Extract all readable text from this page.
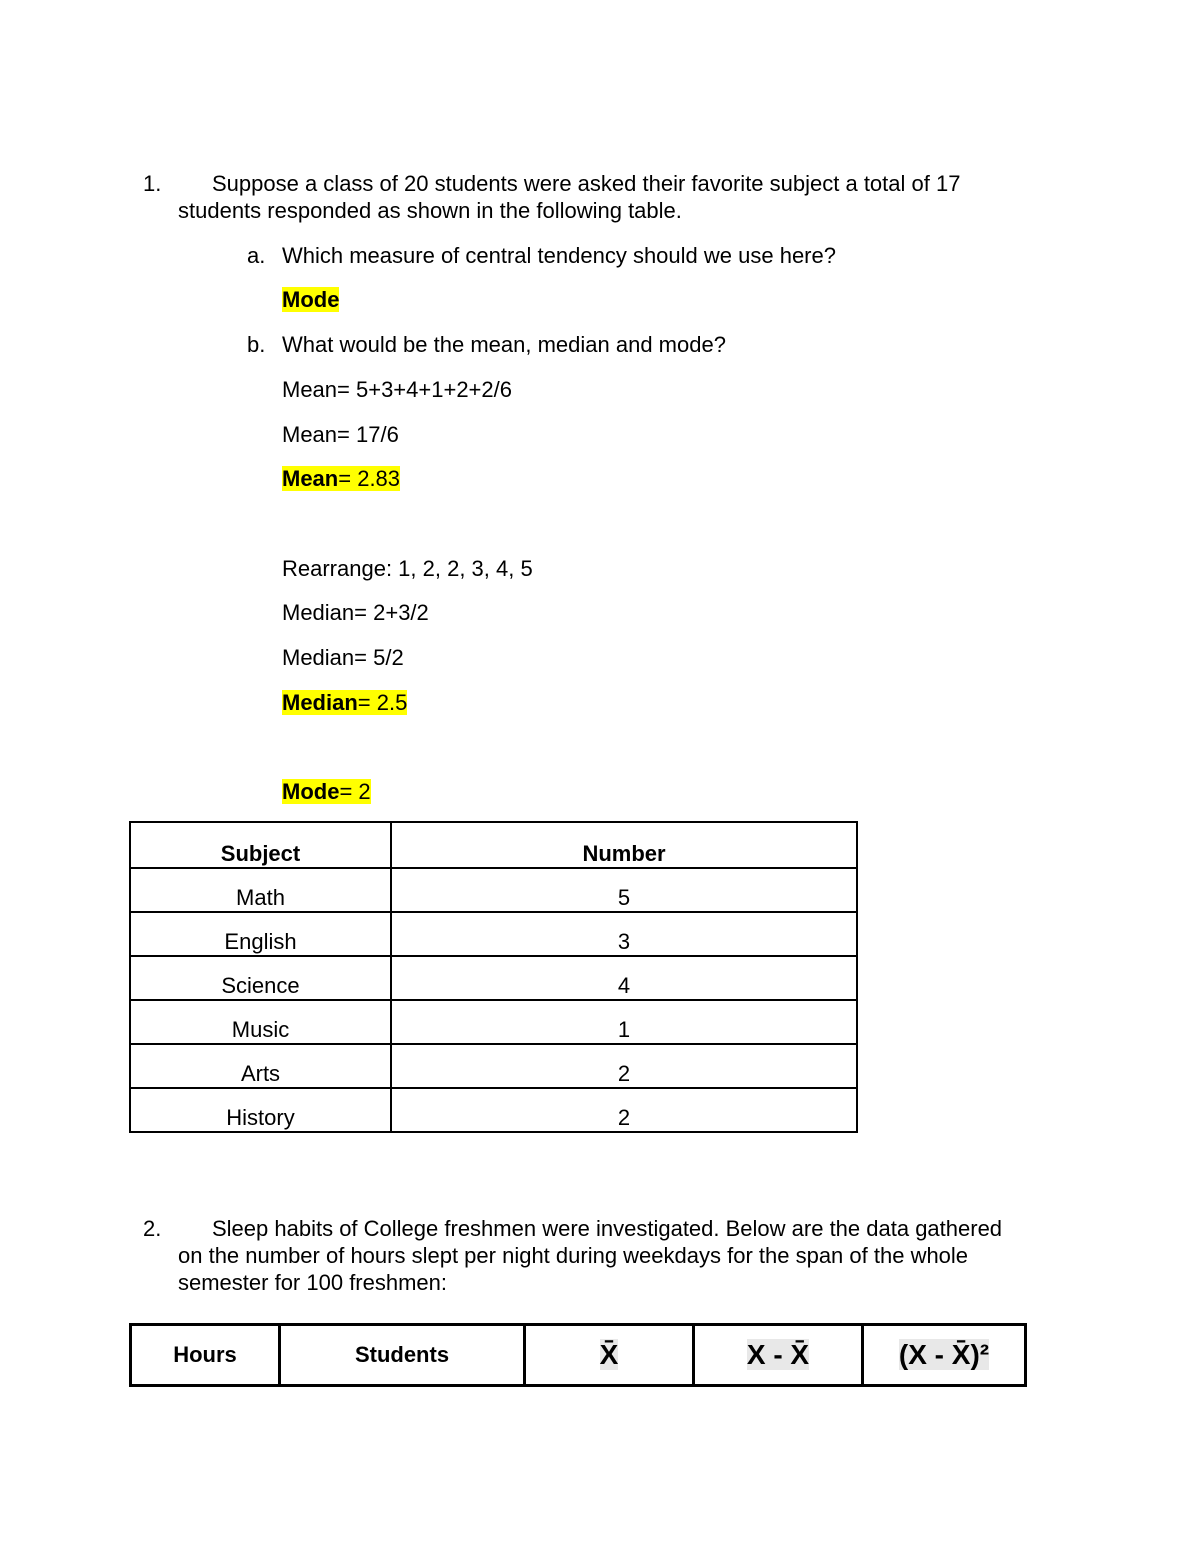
1. Suppose a class of 20 students were asked their favorite subject a total of 17
students responded as shown in the following table.
a. Which measure of central tendency should we use here?
Mode
b. What would be the mean, median and mode?
Mean= 5+3+4+1+2+2/6
Mean= 17/6
Mean= 2.83
Rearrange: 1, 2, 2, 3, 4, 5
Median= 2+3/2
Median= 5/2
Median= 2.5
Mode= 2
Subject	Number
Math	5
English	3
Science	4
Music	1
Arts	2
History	2
2. Sleep habits of College freshmen were investigated. Below are the data gathered
on the number of hours slept per night during weekdays for the span of the whole
semester for 100 freshmen:
Hours	Students	X̄	X - X̄	(X - X̄)²
